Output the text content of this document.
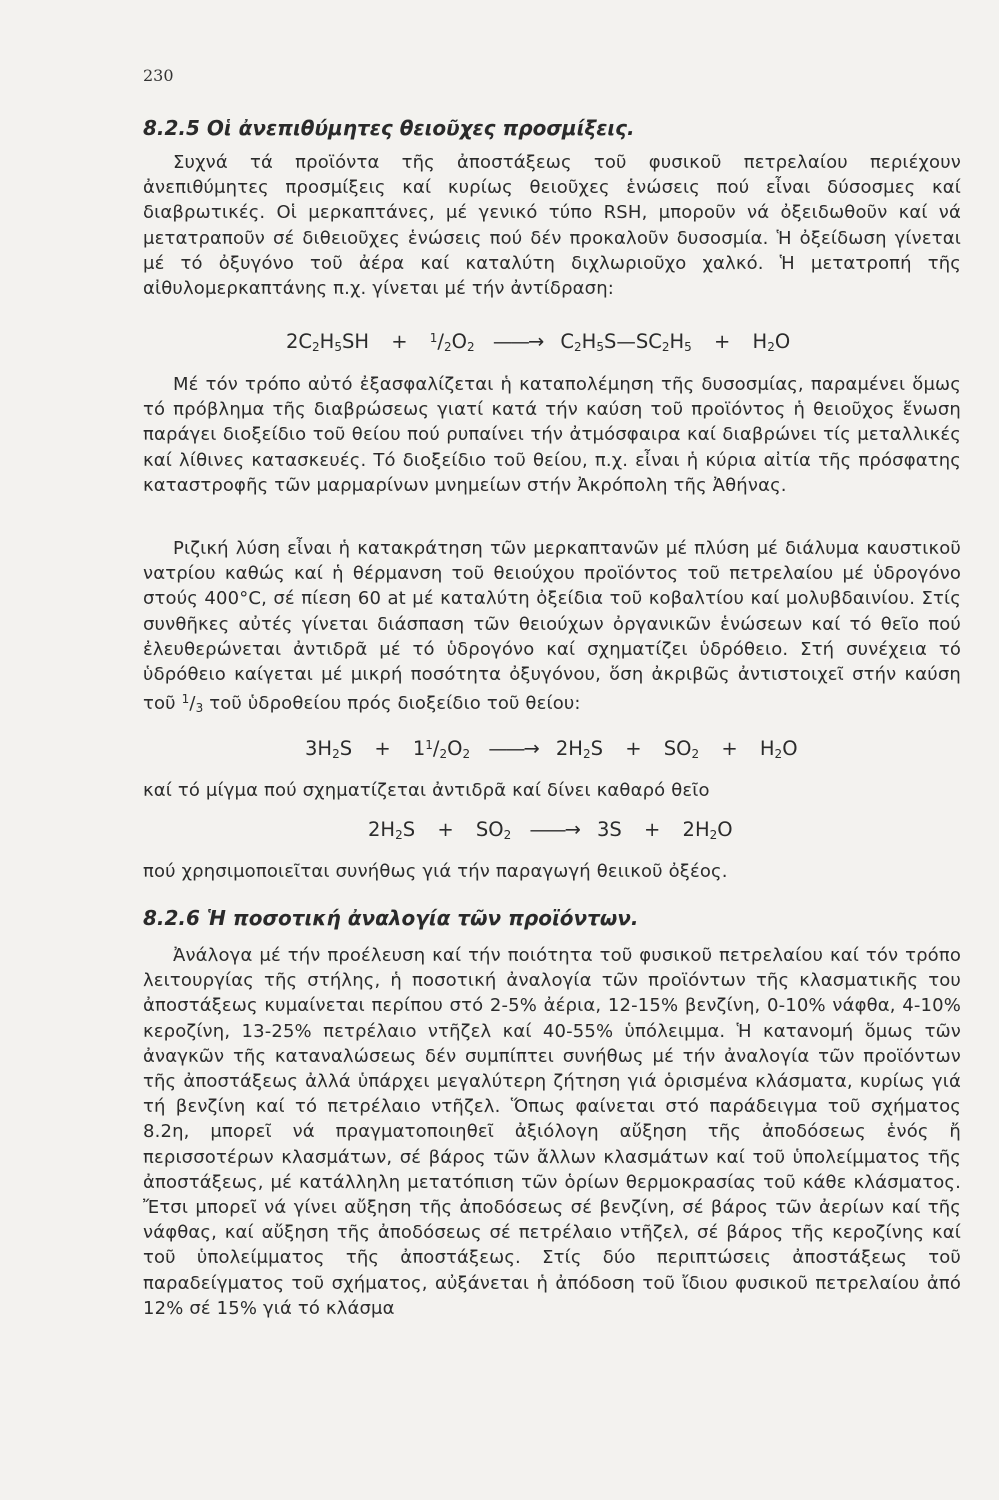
230
8.2.5 Οἱ ἀνεπιθύμητες θειοῦχες προσμίξεις.
Συχνά τά προϊόντα τῆς ἀποστάξεως τοῦ φυσικοῦ πετρελαίου περιέχουν ἀνεπιθύμητες προσμίξεις καί κυρίως θειοῦχες ἑνώσεις πού εἶναι δύσοσμες καί διαβρωτικές. Οἱ μερκαπτάνες, μέ γενικό τύπο RSH, μποροῦν νά ὀξειδωθοῦν καί νά μετατραποῦν σέ διθειοῦχες ἑνώσεις πού δέν προκαλοῦν δυσοσμία. Ἡ ὀξείδωση γίνεται μέ τό ὀξυγόνο τοῦ ἀέρα καί καταλύτη διχλωριοῦχο χαλκό. Ἡ μετατροπή τῆς αἰθυλομερκαπτάνης π.χ. γίνεται μέ τήν ἀντίδραση:
$2C_2H_5SH + ^1/_2O_2$ ——→ $C_2H_5S—SC_2H_5 + H_2O$
Μέ τόν τρόπο αὐτό ἐξασφαλίζεται ἡ καταπολέμηση τῆς δυσοσμίας, παραμένει ὅμως τό πρόβλημα τῆς διαβρώσεως γιατί κατά τήν καύση τοῦ προϊόντος ἡ θειοῦχος ἕνωση παράγει διοξείδιο τοῦ θείου πού ρυπαίνει τήν ἀτμόσφαιρα καί διαβρώνει τίς μεταλλικές καί λίθινες κατασκευές. Τό διοξείδιο τοῦ θείου, π.χ. εἶναι ἡ κύρια αἰτία τῆς πρόσφατης καταστροφῆς τῶν μαρμαρίνων μνημείων στήν Ἀκρόπολη τῆς Ἀθήνας.
Ριζική λύση εἶναι ἡ κατακράτηση τῶν μερκαπτανῶν μέ πλύση μέ διάλυμα καυστικοῦ νατρίου καθώς καί ἡ θέρμανση τοῦ θειούχου προϊόντος τοῦ πετρελαίου μέ ὑδρογόνο στούς 400°C, σέ πίεση 60 at μέ καταλύτη ὀξείδια τοῦ κοβαλτίου καί μολυβδαινίου. Στίς συνθῆκες αὐτές γίνεται διάσπαση τῶν θειούχων ὀργανικῶν ἑνώσεων καί τό θεῖο πού ἐλευθερώνεται ἀντιδρᾶ μέ τό ὑδρογόνο καί σχηματίζει ὑδρόθειο. Στή συνέχεια τό ὑδρόθειο καίγεται μέ μικρή ποσότητα ὀξυγόνου, ὅση ἀκριβῶς ἀντιστοιχεῖ στήν καύση τοῦ $^1/_3$ τοῦ ὑδροθείου πρός διοξείδιο τοῦ θείου:
$3H_2S + 1^1/_2O_2$ ——→ $2H_2S + SO_2 + H_2O$
καί τό μίγμα πού σχηματίζεται ἀντιδρᾶ καί δίνει καθαρό θεῖο
$2H_2S + SO_2$ ——→ $3S + 2H_2O$
πού χρησιμοποιεῖται συνήθως γιά τήν παραγωγή θειικοῦ ὀξέος.
8.2.6 Ἡ ποσοτική ἀναλογία τῶν προϊόντων.
Ἀνάλογα μέ τήν προέλευση καί τήν ποιότητα τοῦ φυσικοῦ πετρελαίου καί τόν τρόπο λειτουργίας τῆς στήλης, ἡ ποσοτική ἀναλογία τῶν προϊόντων τῆς κλασματικῆς του ἀποστάξεως κυμαίνεται περίπου στό 2-5% ἀέρια, 12-15% βενζίνη, 0-10% νάφθα, 4-10% κεροζίνη, 13-25% πετρέλαιο ντῆζελ καί 40-55% ὑπόλειμμα. Ἡ κατανομή ὅμως τῶν ἀναγκῶν τῆς καταναλώσεως δέν συμπίπτει συνήθως μέ τήν ἀναλογία τῶν προϊόντων τῆς ἀποστάξεως ἀλλά ὑπάρχει μεγαλύτερη ζήτηση γιά ὁρισμένα κλάσματα, κυρίως γιά τή βενζίνη καί τό πετρέλαιο ντῆζελ. Ὅπως φαίνεται στό παράδειγμα τοῦ σχήματος 8.2η, μπορεῖ νά πραγματοποιηθεῖ ἀξιόλογη αὔξηση τῆς ἀποδόσεως ἑνός ἤ περισσοτέρων κλασμάτων, σέ βάρος τῶν ἄλλων κλασμάτων καί τοῦ ὑπολείμματος τῆς ἀποστάξεως, μέ κατάλληλη μετατόπιση τῶν ὁρίων θερμοκρασίας τοῦ κάθε κλάσματος. Ἔτσι μπορεῖ νά γίνει αὔξηση τῆς ἀποδόσεως σέ βενζίνη, σέ βάρος τῶν ἀερίων καί τῆς νάφθας, καί αὔξηση τῆς ἀποδόσεως σέ πετρέλαιο ντῆζελ, σέ βάρος τῆς κεροζίνης καί τοῦ ὑπολείμματος τῆς ἀποστάξεως. Στίς δύο περιπτώσεις ἀποστάξεως τοῦ παραδείγματος τοῦ σχήματος, αὐξάνεται ἡ ἀπόδοση τοῦ ἴδιου φυσικοῦ πετρελαίου ἀπό 12% σέ 15% γιά τό κλάσμα
